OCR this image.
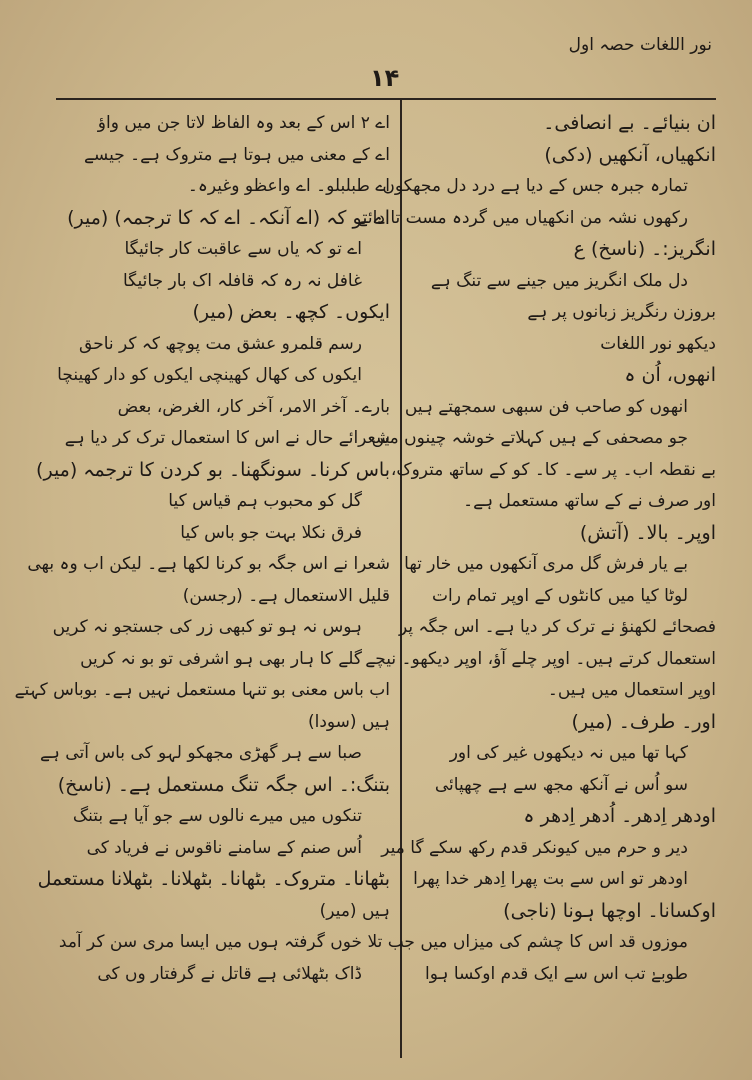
نور اللغات حصہ اول
۱۴
ان بنیائے۔ بے انصافی۔
انکھیاں، آنکھیں (دکی)
تمارہ جبرہ جس کے دیا ہے درد دل مجھکوں
رکھوں نشہ من انکھیاں میں گردہ مست تا دائے
انگریز:۔ (ناسخ) ع
دل ملک انگریز میں جینے سے تنگ ہے
بروزن رنگریز زبانوں پر ہے
دیکھو نور اللغات
انھوں، اُن ہ
انھوں کو صاحب فن سبھی سمجھتے ہیں
جو مصحفی کے ہیں کہلاتے خوشہ چینوں میں
بے نقطہ اب۔ پر سے۔ کا۔ کو کے ساتھ متروک،
اور صرف نے کے ساتھ مستعمل ہے۔
اوپر۔ بالا۔ (آتش)
بے یار فرش گل مری آنکھوں میں خار تھا
لوٹا کیا میں کانٹوں کے اوپر تمام رات
فصحائے لکھنؤ نے ترک کر دیا ہے۔ اس جگہ پر
استعمال کرتے ہیں۔ اوپر چلے آؤ، اوپر دیکھو۔ نیچے
اوپر استعمال میں ہیں۔
اور۔ طرف۔ (میر)
کہا تھا میں نہ دیکھوں غیر کی اور
سو اُس نے آنکھ مجھ سے ہے چھپائی
اودھر اِدھر۔ اُدھر اِدھر ہ
دیر و حرم میں کیونکر قدم رکھ سکے گا میر
اودھر تو اس سے بت پھرا اِدھر خدا پھرا
اوکسانا۔ اوچھا ہونا (ناجی)
موزوں قد اس کا چشم کی میزاں میں جب تلا
طوبےٰ تب اس سے ایک قدم اوکسا ہوا
اے ۲ اس کے بعد وہ الفاظ لاتا جن میں واؤ
اے کے معنی میں ہوتا ہے متروک ہے۔ جیسے
اے طبلبلو۔ اے واعظو وغیرہ۔
اے تو کہ (اے آنکہ۔ اے کہ کا ترجمہ) (میر)
اے تو کہ یاں سے عاقبت کار جائیگا
غافل نہ رہ کہ قافلہ اک بار جائیگا
ایکوں۔ کچھ۔ بعض (میر)
رسم قلمرو عشق مت پوچھ کہ کر ناحق
ایکوں کی کھال کھینچی ایکوں کو دار کھینچا
بارے۔ آخر الامر، آخر کار، الغرض، بعض
شعرائے حال نے اس کا استعمال ترک کر دیا ہے
باس کرنا۔ سونگھنا۔ بو کردن کا ترجمہ (میر)
گل کو محبوب ہم قیاس کیا
فرق نکلا بہت جو باس کیا
شعرا نے اس جگہ بو کرنا لکھا ہے۔ لیکن اب وہ بھی
قلیل الاستعمال ہے۔ (رجسن)
ہوس نہ ہو تو کبھی زر کی جستجو نہ کریں
گلے کا ہار بھی ہو اشرفی تو بو نہ کریں
اب باس معنی بو تنہا مستعمل نہیں ہے۔ بوباس کہتے
ہیں (سودا)
صبا سے ہر گھڑی مجھکو لہو کی باس آتی ہے
بتنگ:۔ اس جگہ تنگ مستعمل ہے۔ (ناسخ)
تنکوں میں میرے نالوں سے جو آیا ہے بتنگ
اُس صنم کے سامنے ناقوس نے فریاد کی
بٹھانا۔ متروک۔ بٹھانا۔ بٹھلانا۔ بٹھلانا مستعمل
ہیں (میر)
خوں گرفتہ ہوں میں ایسا مری سن کر آمد
ڈاک بٹھلائی ہے قاتل نے گرفتار وں کی
